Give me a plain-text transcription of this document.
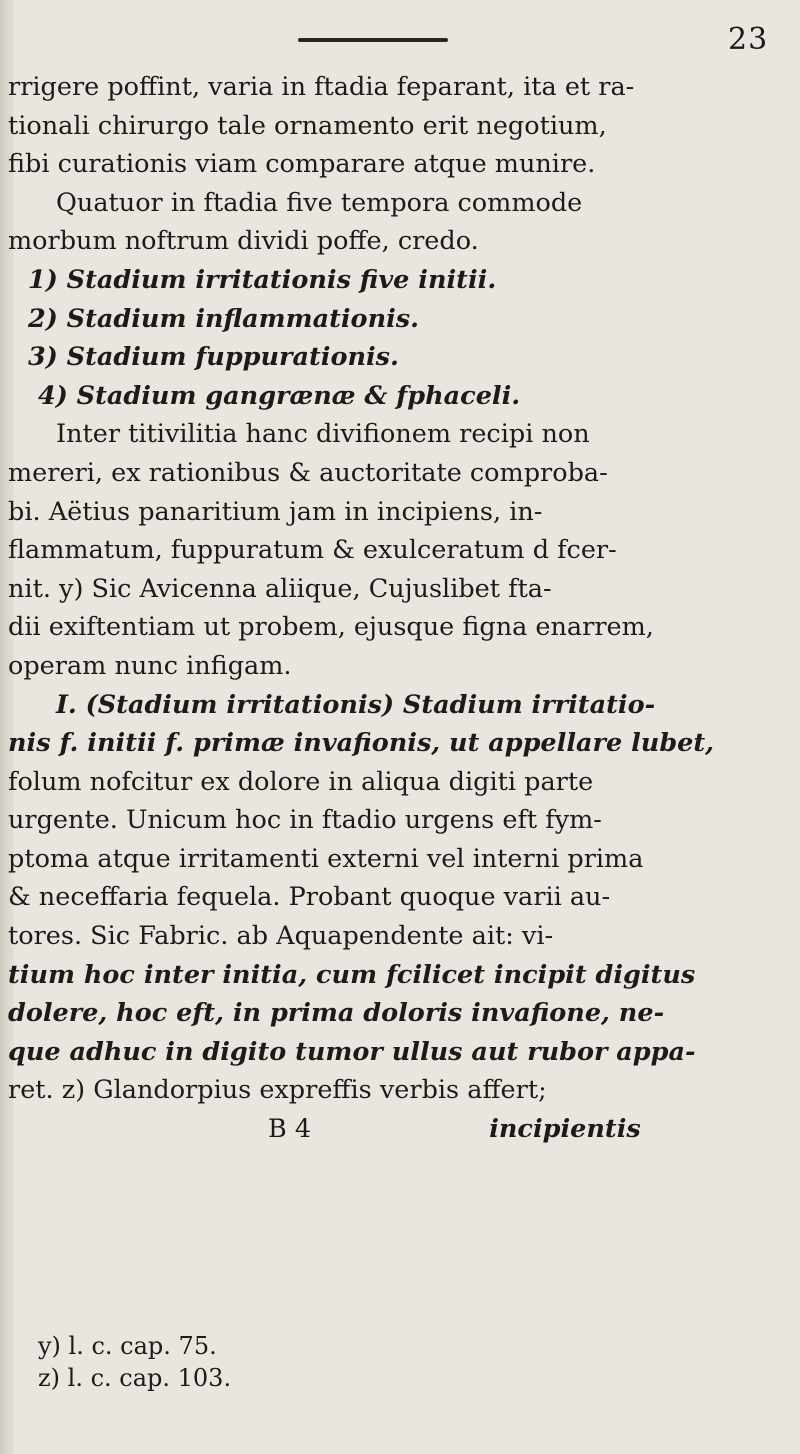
23
rrigere poffint, varia in ftadia feparant, ita et ra-
tionali chirurgo tale ornamento erit negotium,
fibi curationis viam comparare atque munire.
Quatuor in ftadia five tempora commode
morbum noftrum dividi poffe, credo.
1) Stadium irritationis five initii.
2) Stadium inflammationis.
3) Stadium fuppurationis.
4) Stadium gangrænæ & fphaceli.
Inter titivilitia hanc divifionem recipi non
mereri, ex rationibus & auctoritate comproba-
bi. Aëtius panaritium jam in incipiens, in-
flammatum, fuppuratum & exulceratum d fcer-
nit. y) Sic Avicenna aliique, Cujuslibet fta-
dii exiftentiam ut probem, ejusque figna enarrem,
operam nunc infigam.
I. (Stadium irritationis) Stadium irritatio-
nis f. initii f. primæ invafionis, ut appellare lubet,
folum nofcitur ex dolore in aliqua digiti parte
urgente. Unicum hoc in ftadio urgens eft fym-
ptoma atque irritamenti externi vel interni prima
& neceffaria fequela. Probant quoque varii au-
tores. Sic Fabric. ab Aquapendente ait: vi-
tium hoc inter initia, cum fcilicet incipit digitus
dolere, hoc eft, in prima doloris invafione, ne-
que adhuc in digito tumor ullus aut rubor appa-
ret. z) Glandorpius expreffis verbis affert;
B 4	incipientis
y) l. c. cap. 75.
z) l. c. cap. 103.
